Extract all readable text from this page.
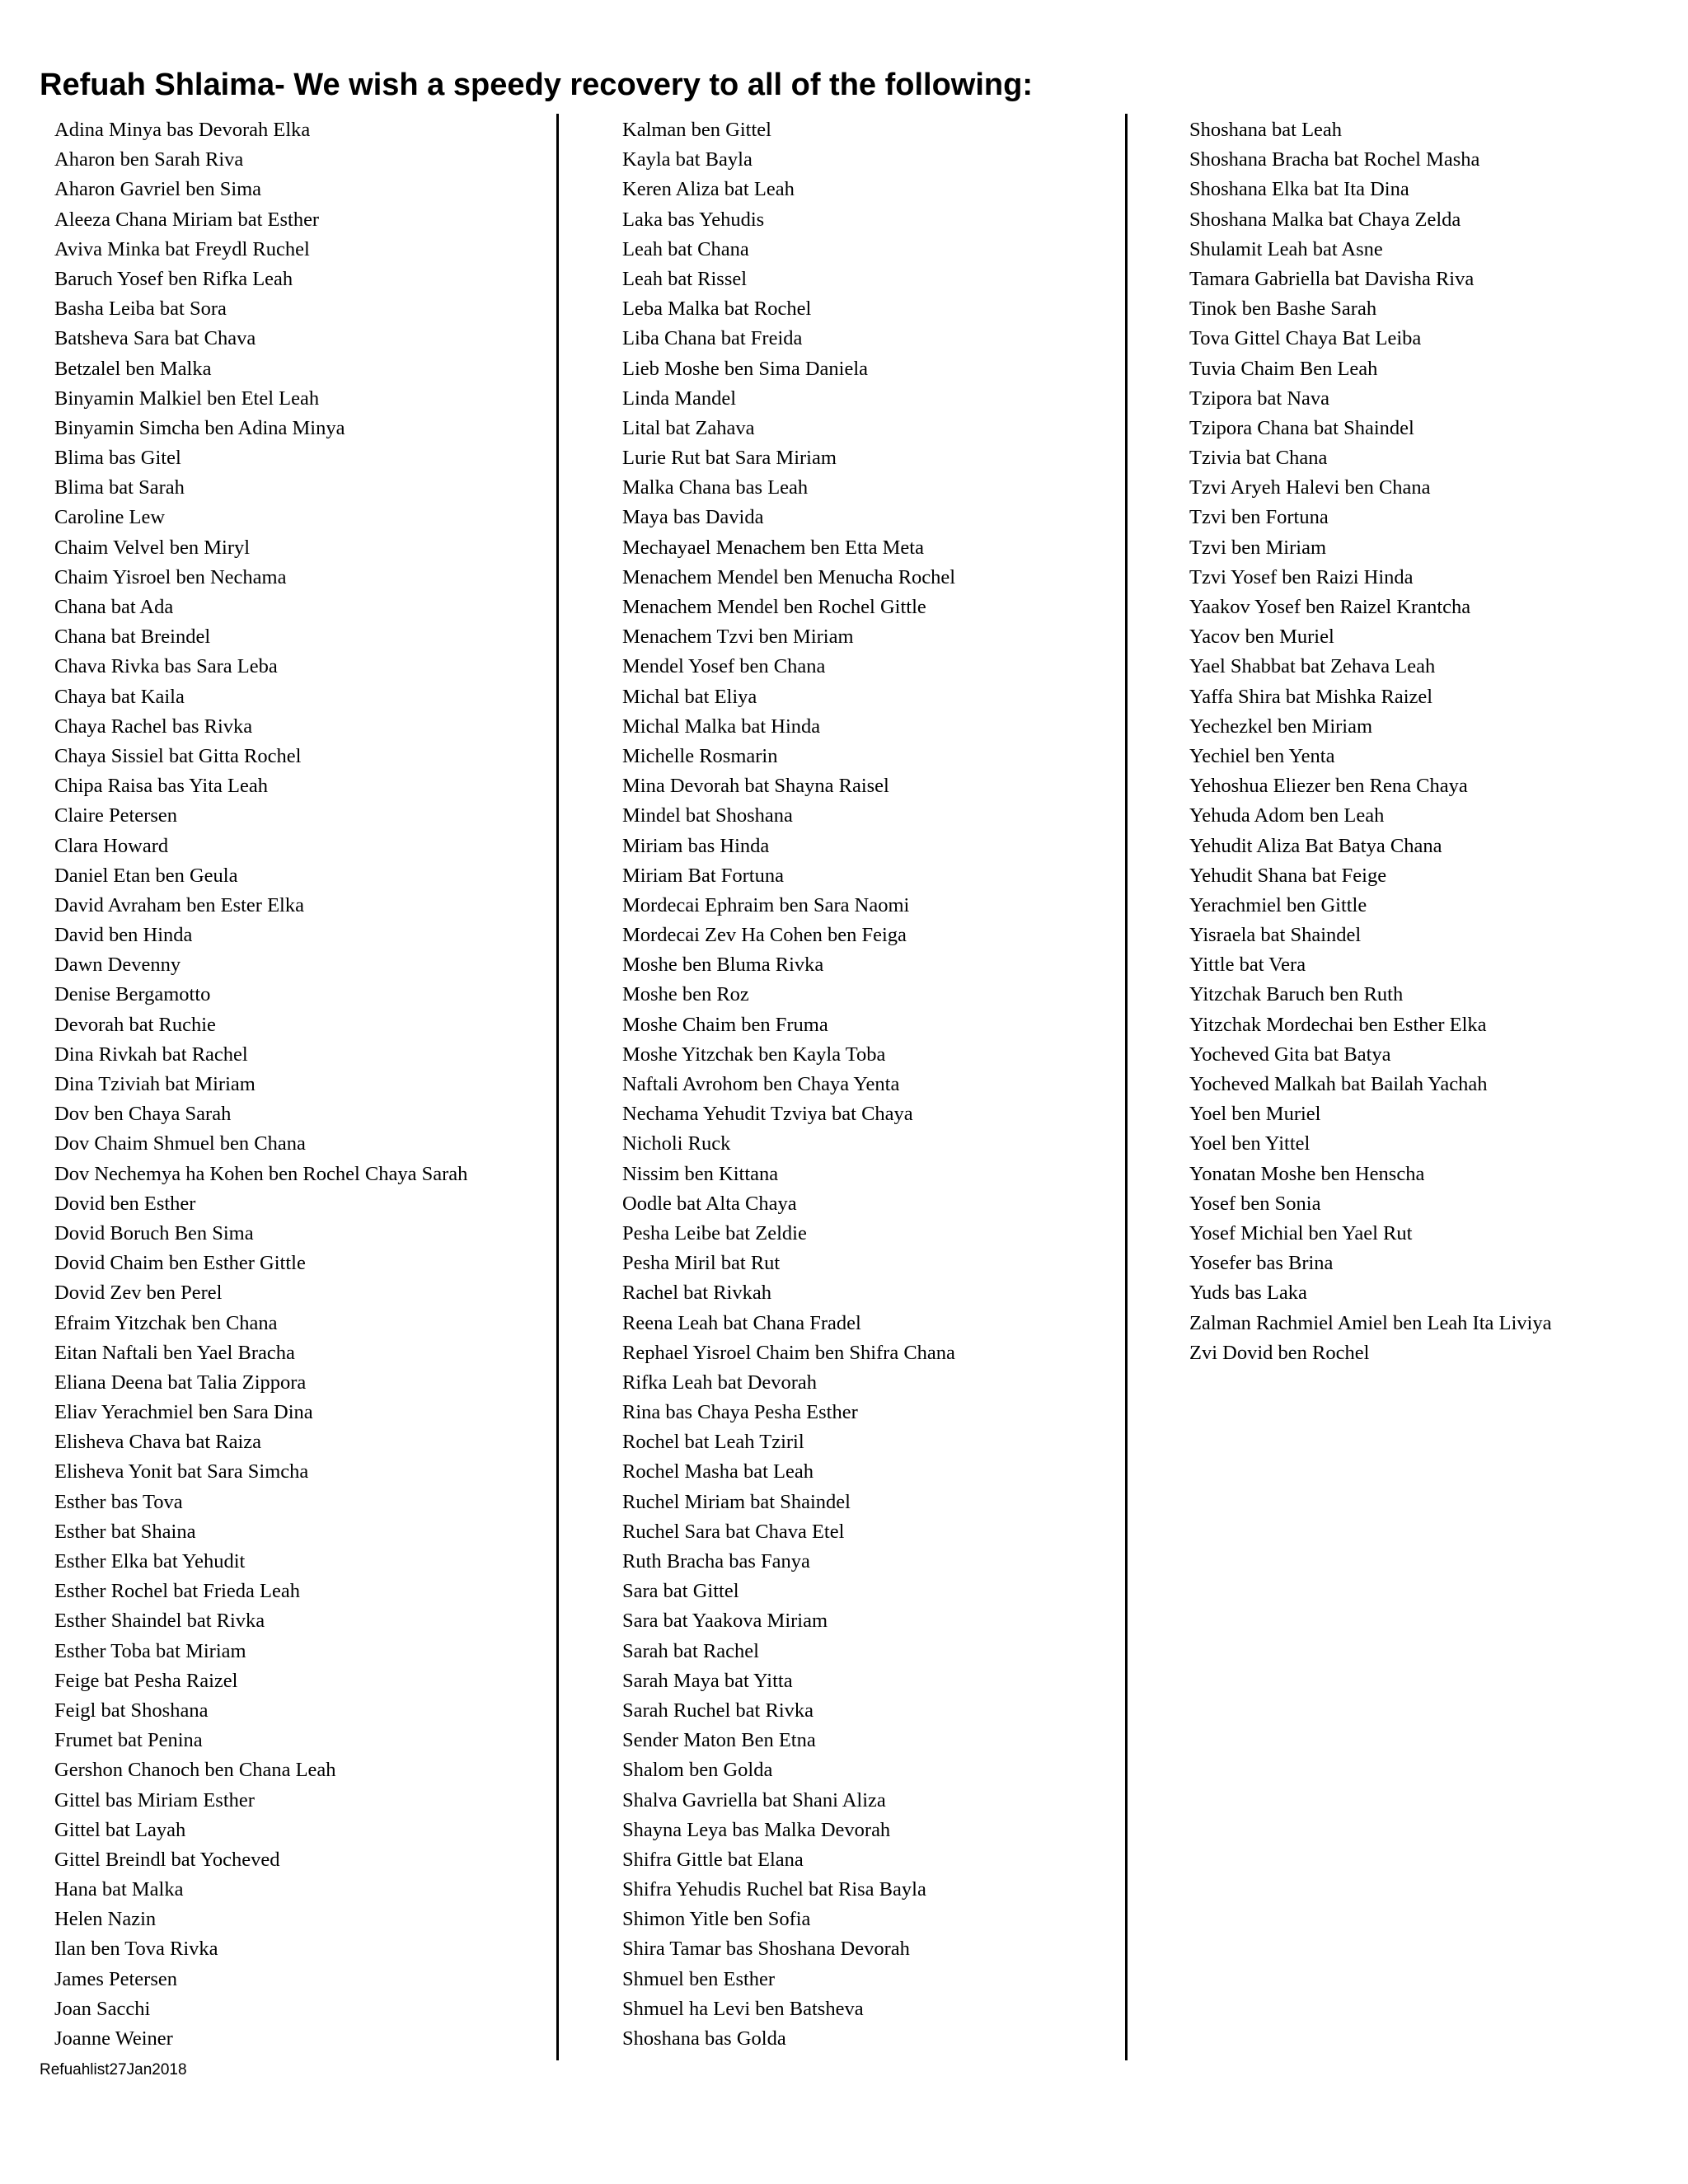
Refuah Shlaima- We wish a speedy recovery to all of the following:
Adina Minya bas Devorah Elka
Aharon ben Sarah Riva
Aharon Gavriel ben Sima
Aleeza Chana Miriam bat Esther
Aviva Minka bat Freydl Ruchel
Baruch Yosef ben Rifka Leah
Basha Leiba bat Sora
Batsheva Sara bat Chava
Betzalel ben Malka
Binyamin Malkiel ben Etel Leah
Binyamin Simcha ben Adina Minya
Blima bas Gitel
Blima bat Sarah
Caroline Lew
Chaim Velvel ben Miryl
Chaim Yisroel ben Nechama
Chana bat Ada
Chana bat Breindel
Chava Rivka bas Sara Leba
Chaya bat Kaila
Chaya Rachel bas Rivka
Chaya Sissiel bat Gitta Rochel
Chipa Raisa bas Yita Leah
Claire Petersen
Clara Howard
Daniel Etan ben Geula
David Avraham ben Ester Elka
David ben Hinda
Dawn Devenny
Denise Bergamotto
Devorah bat Ruchie
Dina Rivkah bat Rachel
Dina Tziviah bat Miriam
Dov ben Chaya Sarah
Dov Chaim Shmuel ben Chana
Dov Nechemya ha Kohen ben Rochel Chaya Sarah
Dovid ben Esther
Dovid Boruch Ben Sima
Dovid Chaim ben Esther Gittle
Dovid Zev ben Perel
Efraim Yitzchak ben Chana
Eitan Naftali ben Yael Bracha
Eliana Deena bat Talia Zippora
Eliav Yerachmiel ben Sara Dina
Elisheva Chava bat Raiza
Elisheva Yonit bat Sara Simcha
Esther bas Tova
Esther bat Shaina
Esther Elka bat Yehudit
Esther Rochel bat Frieda Leah
Esther Shaindel bat Rivka
Esther Toba bat Miriam
Feige bat Pesha Raizel
Feigl bat Shoshana
Frumet bat Penina
Gershon Chanoch ben Chana Leah
Gittel bas Miriam Esther
Gittel bat Layah
Gittel Breindl bat Yocheved
Hana bat Malka
Helen Nazin
Ilan ben Tova Rivka
James Petersen
Joan Sacchi
Joanne Weiner
Kalman ben Gittel
Kayla bat Bayla
Keren Aliza bat Leah
Laka bas Yehudis
Leah bat Chana
Leah bat Rissel
Leba Malka bat Rochel
Liba Chana bat Freida
Lieb Moshe ben Sima Daniela
Linda Mandel
Lital bat Zahava
Lurie Rut bat Sara Miriam
Malka Chana bas Leah
Maya bas Davida
Mechayael Menachem ben Etta Meta
Menachem Mendel ben Menucha Rochel
Menachem Mendel ben Rochel Gittle
Menachem Tzvi ben Miriam
Mendel Yosef ben Chana
Michal bat Eliya
Michal Malka bat Hinda
Michelle Rosmarin
Mina Devorah bat Shayna Raisel
Mindel bat Shoshana
Miriam bas Hinda
Miriam Bat Fortuna
Mordecai Ephraim ben Sara Naomi
Mordecai Zev Ha Cohen ben Feiga
Moshe ben Bluma Rivka
Moshe ben Roz
Moshe Chaim ben Fruma
Moshe Yitzchak ben Kayla Toba
Naftali Avrohom ben Chaya Yenta
Nechama Yehudit Tzviya bat Chaya
Nicholi Ruck
Nissim ben Kittana
Oodle bat Alta Chaya
Pesha Leibe bat Zeldie
Pesha Miril bat Rut
Rachel bat Rivkah
Reena Leah bat Chana Fradel
Rephael Yisroel Chaim ben Shifra Chana
Rifka Leah bat Devorah
Rina bas Chaya Pesha Esther
Rochel bat Leah Tziril
Rochel Masha bat Leah
Ruchel Miriam bat Shaindel
Ruchel Sara bat Chava Etel
Ruth Bracha bas Fanya
Sara bat Gittel
Sara bat Yaakova Miriam
Sarah bat Rachel
Sarah Maya bat Yitta
Sarah Ruchel bat Rivka
Sender Maton Ben Etna
Shalom ben Golda
Shalva Gavriella bat Shani Aliza
Shayna Leya bas Malka Devorah
Shifra Gittle bat Elana
Shifra Yehudis Ruchel bat Risa Bayla
Shimon Yitle ben Sofia
Shira Tamar bas Shoshana Devorah
Shmuel ben Esther
Shmuel ha Levi ben Batsheva
Shoshana bas Golda
Shoshana bat Leah
Shoshana Bracha bat Rochel Masha
Shoshana Elka bat Ita Dina
Shoshana Malka bat Chaya Zelda
Shulamit Leah bat Asne
Tamara Gabriella bat Davisha Riva
Tinok ben Bashe Sarah
Tova Gittel Chaya Bat Leiba
Tuvia Chaim Ben Leah
Tzipora bat Nava
Tzipora Chana bat Shaindel
Tzivia bat Chana
Tzvi Aryeh Halevi ben Chana
Tzvi ben Fortuna
Tzvi ben Miriam
Tzvi Yosef ben Raizi Hinda
Yaakov Yosef ben Raizel Krantcha
Yacov ben Muriel
Yael Shabbat bat Zehava Leah
Yaffa Shira bat Mishka Raizel
Yechezkel ben Miriam
Yechiel ben Yenta
Yehoshua Eliezer ben Rena Chaya
Yehuda Adom ben Leah
Yehudit Aliza Bat Batya Chana
Yehudit Shana bat Feige
Yerachmiel ben Gittle
Yisraela bat Shaindel
Yittle bat Vera
Yitzchak Baruch ben Ruth
Yitzchak Mordechai ben Esther Elka
Yocheved Gita bat Batya
Yocheved Malkah bat Bailah Yachah
Yoel ben Muriel
Yoel ben Yittel
Yonatan Moshe ben Henscha
Yosef ben Sonia
Yosef Michial ben Yael Rut
Yosefer bas Brina
Yuds bas Laka
Zalman Rachmiel Amiel ben Leah Ita Liviya
Zvi Dovid ben Rochel
Refuahlist27Jan2018
